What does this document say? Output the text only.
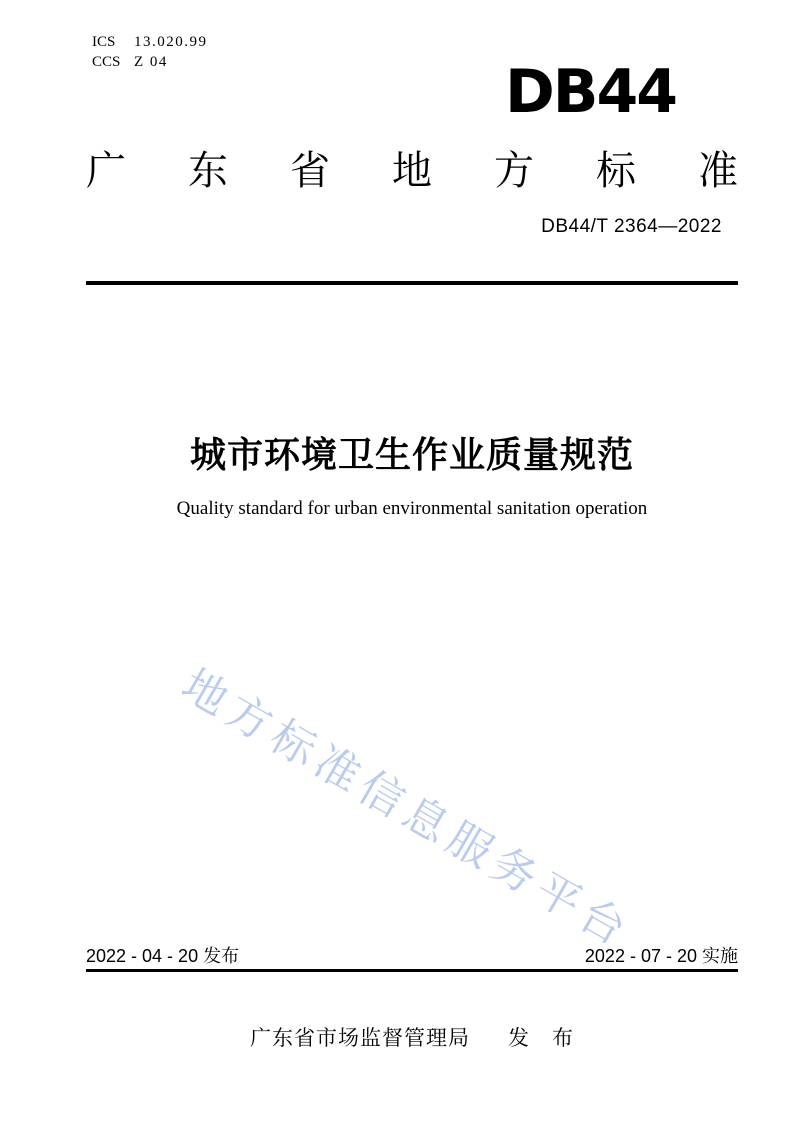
ICS 13.020.99
CCS Z 04	DB44
广 东 省 地 方 标 准
DB44/T 2364—2022
城市环境卫生作业质量规范
Quality standard for urban environmental sanitation operation
地方标准信息服务平台
2022 - 04 - 20 发布	2022 - 07 - 20 实施
广东省市场监督管理局 发　布
